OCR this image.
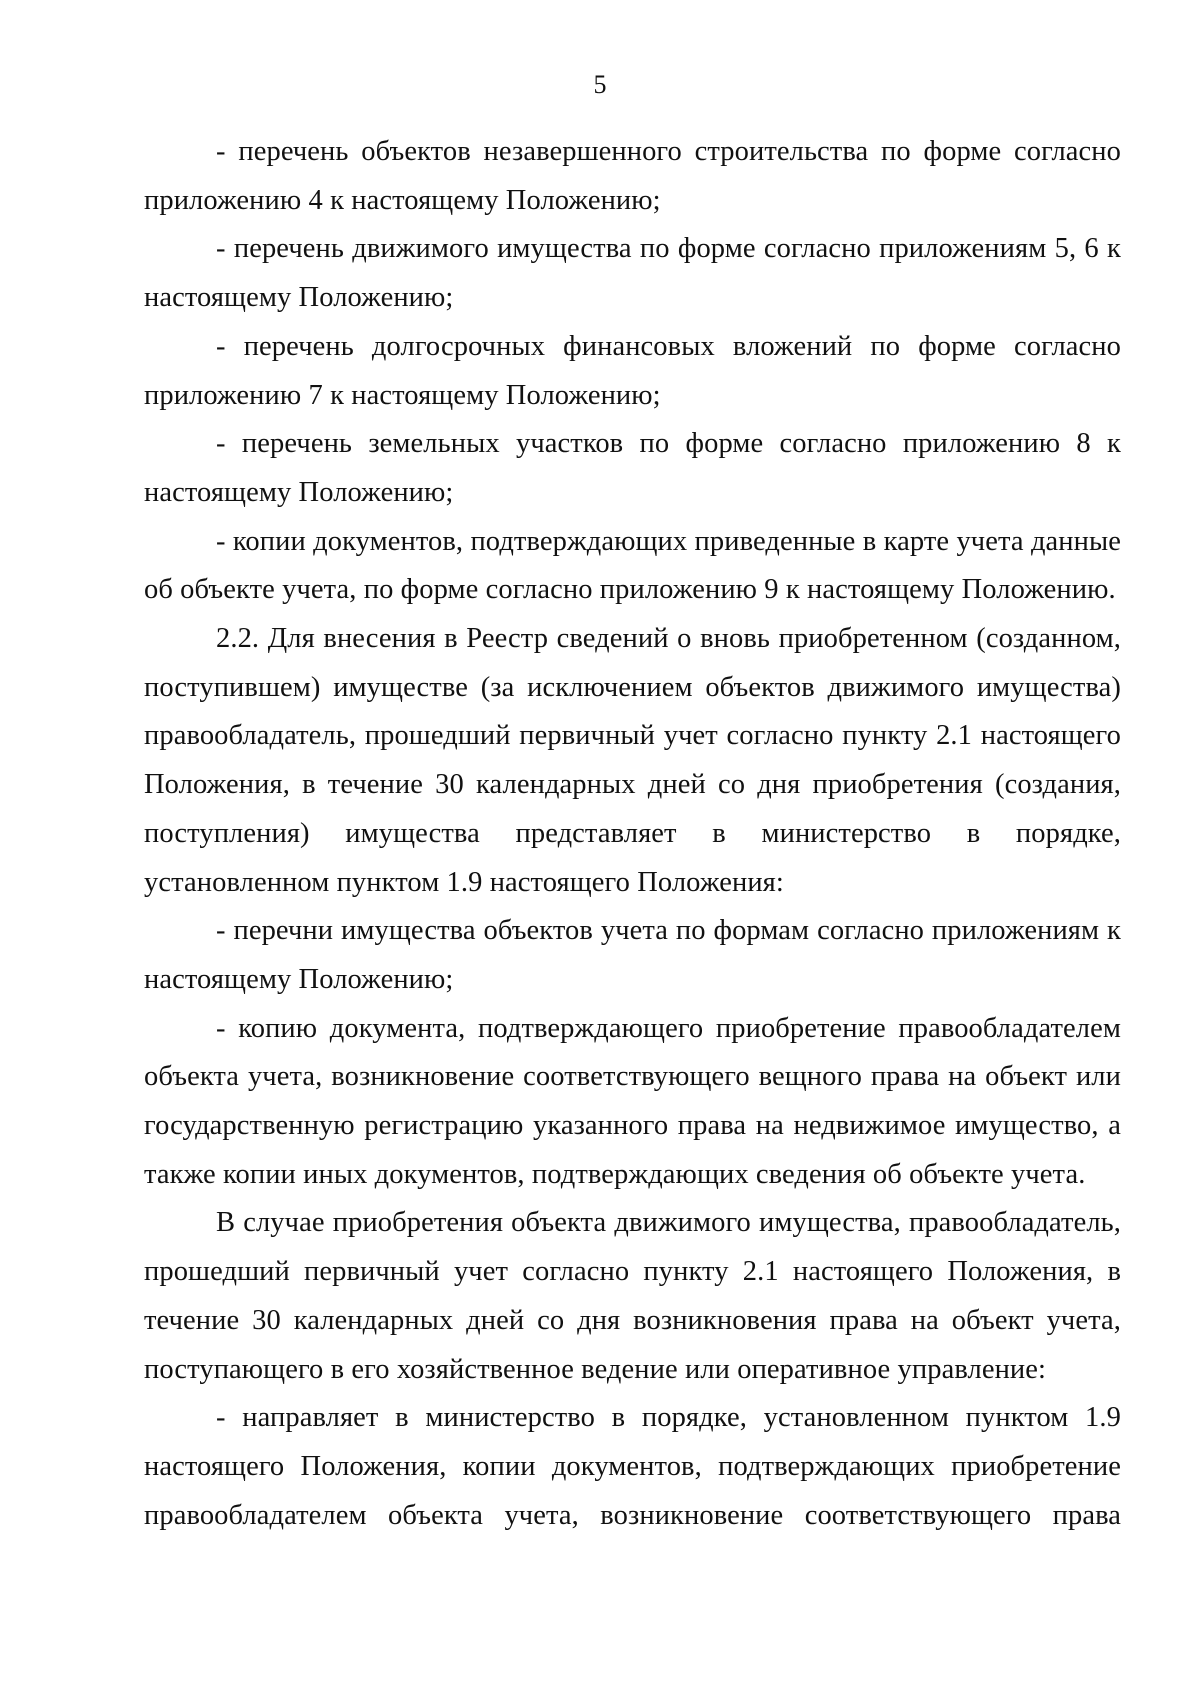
5

- перечень объектов незавершенного строительства по форме согласно приложению 4 к настоящему Положению;

- перечень движимого имущества по форме согласно приложениям 5, 6 к настоящему Положению;

- перечень долгосрочных финансовых вложений по форме согласно приложению 7 к настоящему Положению;

- перечень земельных участков по форме согласно приложению 8 к настоящему Положению;

- копии документов, подтверждающих приведенные в карте учета данные об объекте учета, по форме согласно приложению 9 к настоящему Положению.

2.2. Для внесения в Реестр сведений о вновь приобретенном (созданном, поступившем) имуществе (за исключением объектов движимого имущества) правообладатель, прошедший первичный учет согласно пункту 2.1 настоящего Положения, в течение 30 календарных дней со дня приобретения (создания, поступления) имущества представляет в министерство в порядке, установленном пунктом 1.9 настоящего Положения:

- перечни имущества объектов учета по формам согласно приложениям к настоящему Положению;

- копию документа, подтверждающего приобретение правообладателем объекта учета, возникновение соответствующего вещного права на объект или государственную регистрацию указанного права на недвижимое имущество, а также копии иных документов, подтверждающих сведения об объекте учета.

В случае приобретения объекта движимого имущества, правообладатель, прошедший первичный учет согласно пункту 2.1 настоящего Положения, в течение 30 календарных дней со дня возникновения права на объект учета, поступающего в его хозяйственное ведение или оперативное управление:

- направляет в министерство в порядке, установленном пунктом 1.9 настоящего Положения, копии документов, подтверждающих приобретение правообладателем объекта учета, возникновение соответствующего права
